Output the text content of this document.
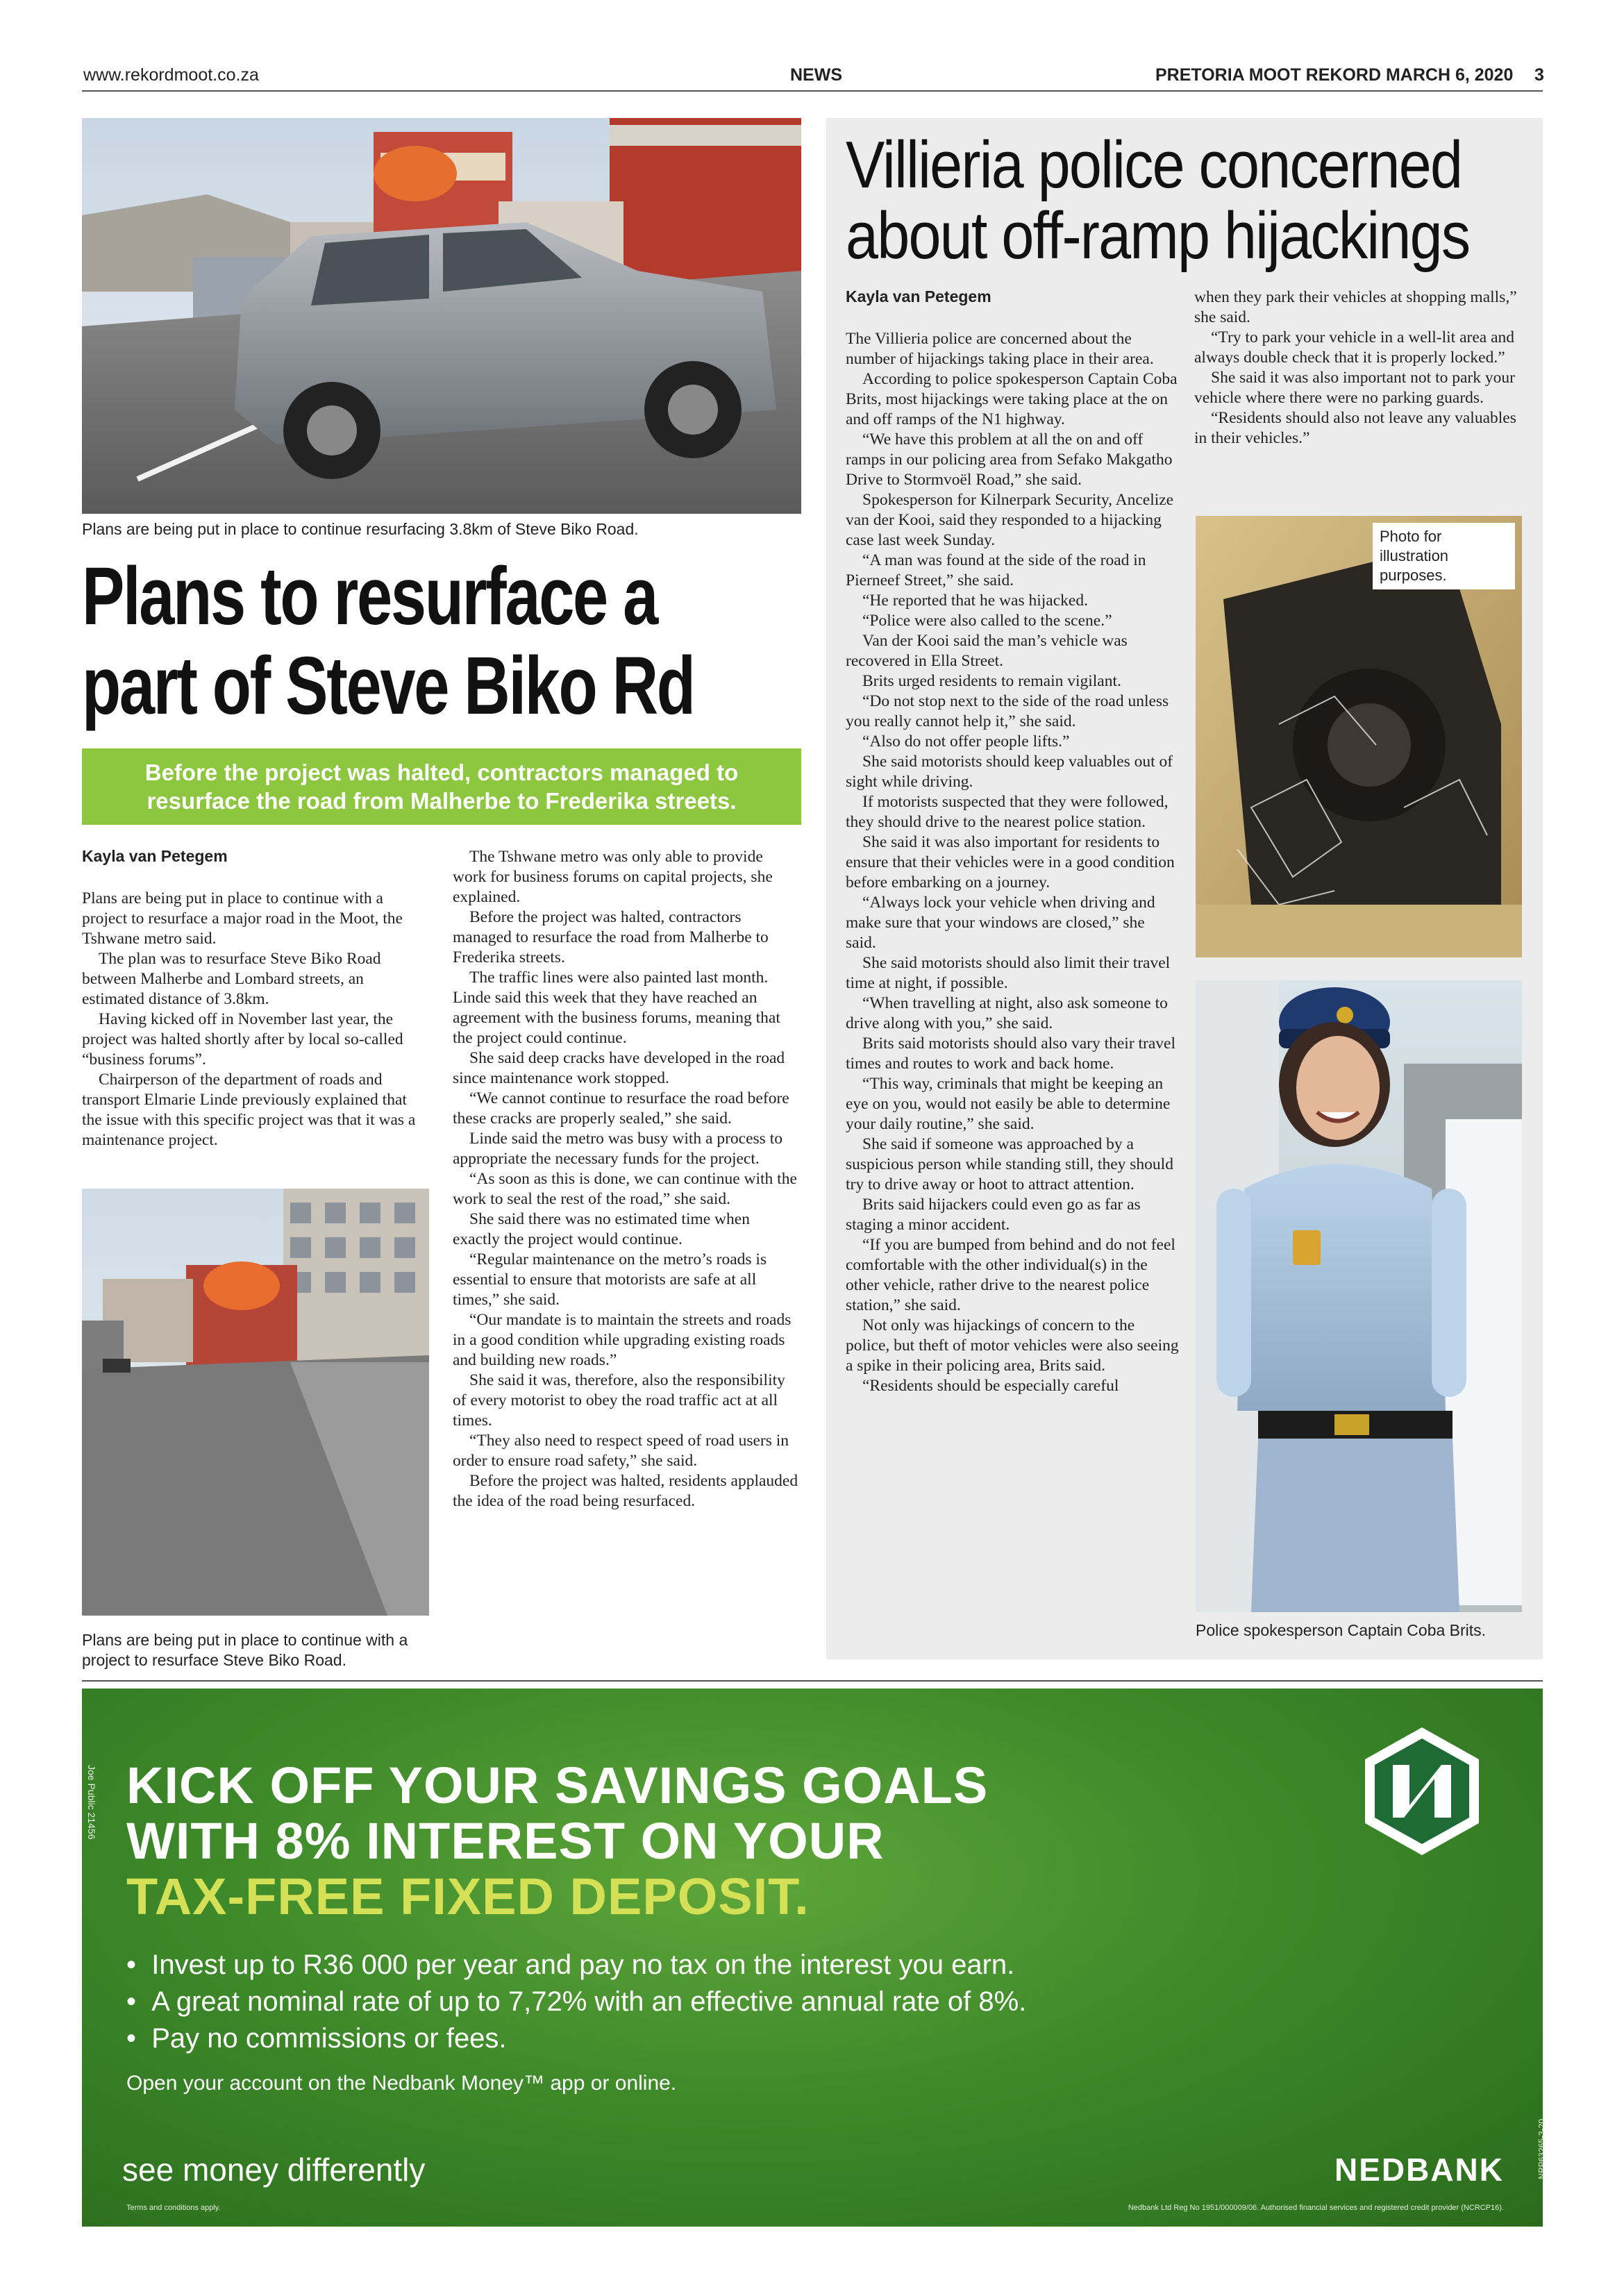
www.rekordmoot.co.za	NEWS	PRETORIA MOOT REKORD MARCH 6, 2020 3
Plans are being put in place to continue resurfacing 3.8km of Steve Biko Road.
Plans to resurface a
part of Steve Biko Rd
Before the project was halted, contractors managed to
resurface the road from Malherbe to Frederika streets.
Kayla van Petegem

Plans are being put in place to continue with a project to resurface a major road in the Moot, the Tshwane metro said.

The plan was to resurface Steve Biko Road between Malherbe and Lombard streets, an estimated distance of 3.8km.

Having kicked off in November last year, the project was halted shortly after by local so-called “business forums”.

Chairperson of the department of roads and transport Elmarie Linde previously explained that the issue with this specific project was that it was a maintenance project.

Plans are being put in place to continue with a project to resurface Steve Biko Road.

The Tshwane metro was only able to provide work for business forums on capital projects, she explained.

Before the project was halted, contractors managed to resurface the road from Malherbe to Frederika streets.

The traffic lines were also painted last month. Linde said this week that they have reached an agreement with the business forums, meaning that the project could continue.

She said deep cracks have developed in the road since maintenance work stopped.

“We cannot continue to resurface the road before these cracks are properly sealed,” she said.

Linde said the metro was busy with a process to appropriate the necessary funds for the project.

“As soon as this is done, we can continue with the work to seal the rest of the road,” she said.

She said there was no estimated time when exactly the project would continue.

“Regular maintenance on the metro’s roads is essential to ensure that motorists are safe at all times,” she said.

“Our mandate is to maintain the streets and roads in a good condition while upgrading existing roads and building new roads.”

She said it was, therefore, also the responsibility of every motorist to obey the road traffic act at all times.

“They also need to respect speed of road users in order to ensure road safety,” she said.

Before the project was halted, residents applauded the idea of the road being resurfaced.

Villieria police concerned
about off-ramp hijackings
Kayla van Petegem

The Villieria police are concerned about the number of hijackings taking place in their area.

According to police spokesperson Captain Coba Brits, most hijackings were taking place at the on and off ramps of the N1 highway.

“We have this problem at all the on and off ramps in our policing area from Sefako Makgatho Drive to Stormvoël Road,” she said.

Spokesperson for Kilnerpark Security, Ancelize van der Kooi, said they responded to a hijacking case last week Sunday.

“A man was found at the side of the road in Pierneef Street,” she said.

“He reported that he was hijacked.

“Police were also called to the scene.”

Van der Kooi said the man’s vehicle was recovered in Ella Street.

Brits urged residents to remain vigilant.

“Do not stop next to the side of the road unless you really cannot help it,” she said.

“Also do not offer people lifts.”

She said motorists should keep valuables out of sight while driving.

If motorists suspected that they were followed, they should drive to the nearest police station.

She said it was also important for residents to ensure that their vehicles were in a good condition before embarking on a journey.

“Always lock your vehicle when driving and make sure that your windows are closed,” she said.

She said motorists should also limit their travel time at night, if possible.

“When travelling at night, also ask someone to drive along with you,” she said.

Brits said motorists should also vary their travel times and routes to work and back home.

“This way, criminals that might be keeping an eye on you, would not easily be able to determine your daily routine,” she said.

She said if someone was approached by a suspicious person while standing still, they should try to drive away or hoot to attract attention.

Brits said hijackers could even go as far as staging a minor accident.

“If you are bumped from behind and do not feel comfortable with the other individual(s) in the other vehicle, rather drive to the nearest police station,” she said.

Not only was hijackings of concern to the police, but theft of motor vehicles were also seeing a spike in their policing area, Brits said.

“Residents should be especially careful

when they park their vehicles at shopping malls,” she said.

“Try to park your vehicle in a well-lit area and always double check that it is properly locked.”

She said it was also important not to park your vehicle where there were no parking guards.

“Residents should also not leave any valuables in their vehicles.”

Photo for illustration purposes.
Police spokesperson Captain Coba Brits.
Joe Public 21456 KICK OFF YOUR SAVINGS GOALS
WITH 8% INTEREST ON YOUR
TAX-FREE FIXED DEPOSIT.
•  Invest up to R36 000 per year and pay no tax on the interest you earn.
•  A great nominal rate of up to 7,72% with an effective annual rate of 8%.
•  Pay no commissions or fees.
Open your account on the Nedbank Money™ app or online.
see money differently
Terms and conditions apply.
NEDBANK
Nedbank Ltd Reg No 1951/000009/06. Authorised financial services and registered credit provider (NCRCP16).
NRP63265-3-20
